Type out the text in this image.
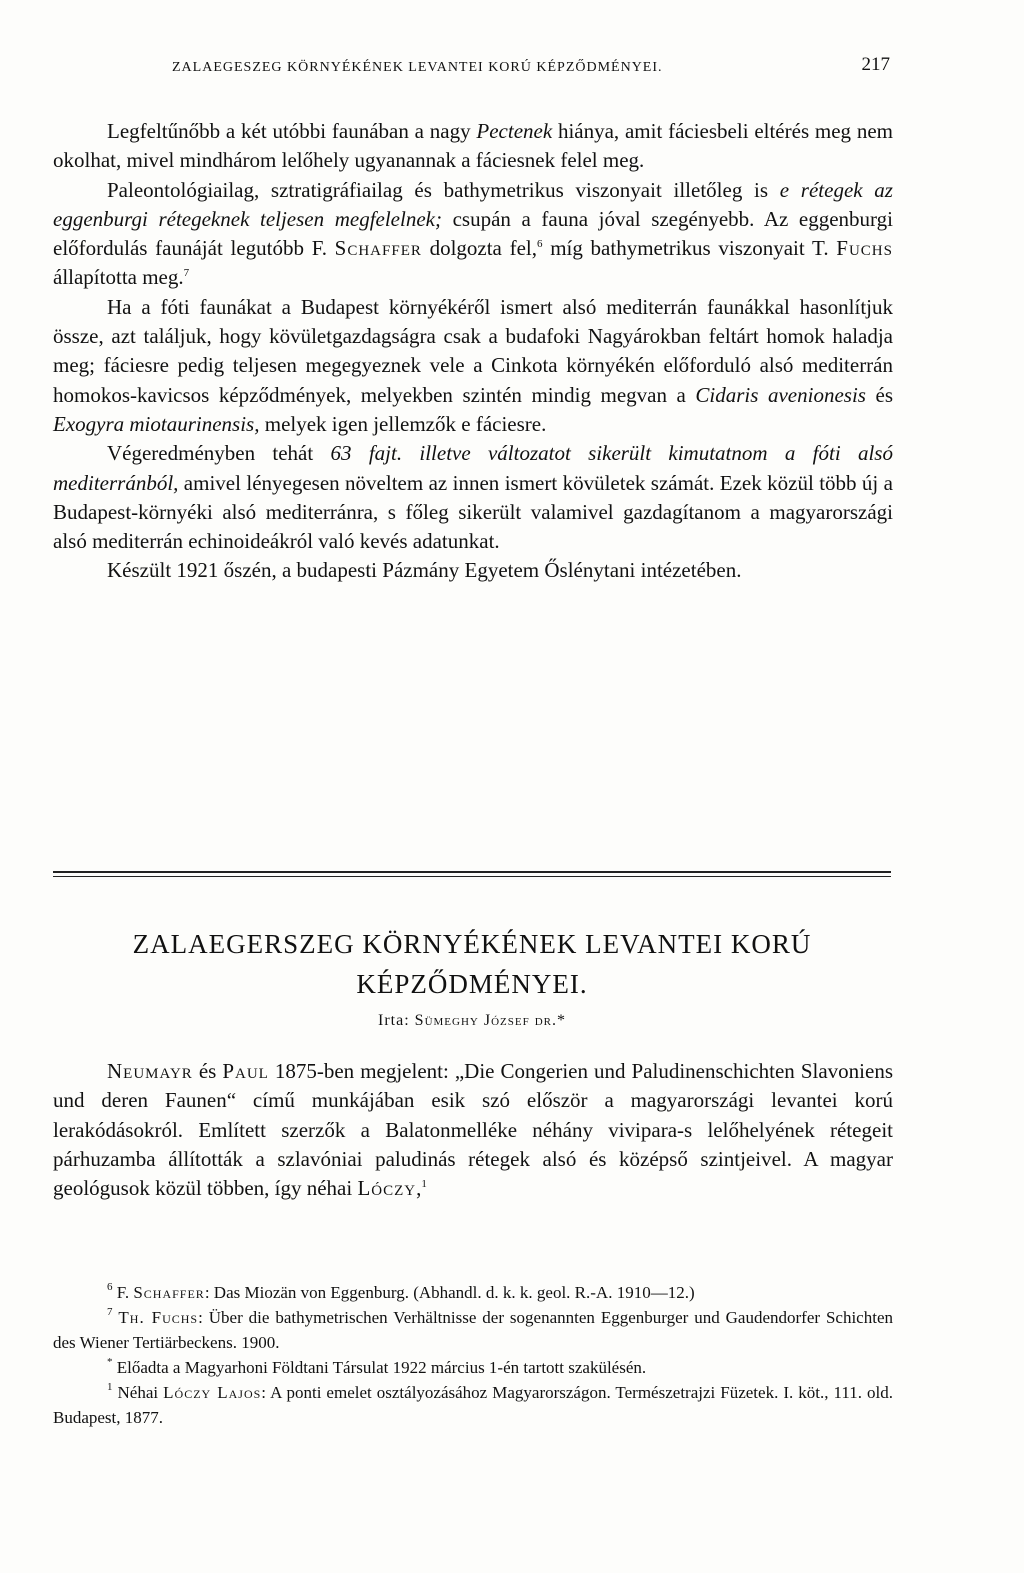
ZALAEGESZEG KÖRNYÉKÉNEK LEVANTEI KORÚ KÉPZŐDMÉNYEI.	217

Legfeltűnőbb a két utóbbi faunában a nagy Pectenek hiánya, amit fáciesbeli eltérés meg nem okolhat, mivel mindhárom lelőhely ugyanannak a fáciesnek felel meg.

Paleontológiailag, sztratigráfiailag és bathymetrikus viszonyait illetőleg is e rétegek az eggenburgi rétegeknek teljesen megfelelnek; csupán a fauna jóval szegényebb. Az eggenburgi előfordulás faunáját legutóbb F. Schaffer dolgozta fel,$^6$ míg bathymetrikus viszonyait T. Fuchs állapította meg.$^7$

Ha a fóti faunákat a Budapest környékéről ismert alsó mediterrán faunákkal hasonlítjuk össze, azt találjuk, hogy kövületgazdagságra csak a budafoki Nagyárokban feltárt homok haladja meg; fáciesre pedig teljesen megegyeznek vele a Cinkota környékén előforduló alsó mediterrán homokos-kavicsos képződmények, melyekben szintén mindig megvan a Cidaris avenionesis és Exogyra miotaurinensis, melyek igen jellemzők e fáciesre.

Végeredményben tehát 63 fajt. illetve változatot sikerült kimutatnom a fóti alsó mediterránból, amivel lényegesen növeltem az innen ismert kövületek számát. Ezek közül több új a Budapest-környéki alsó mediterránra, s főleg sikerült valamivel gazdagítanom a magyarországi alsó mediterrán echinoideákról való kevés adatunkat.

Készült 1921 őszén, a budapesti Pázmány Egyetem Őslénytani intézetében.

ZALAEGERSZEG KÖRNYÉKÉNEK LEVANTEI KORÚ
KÉPZŐDMÉNYEI.
Irta: Sümeghy József dr.*

Neumayr és Paul 1875-ben megjelent: „Die Congerien und Paludinenschichten Slavoniens und deren Faunen“ című munkájában esik szó először a magyarországi levantei korú lerakódásokról. Említett szerzők a Balatonmelléke néhány vivipara-s lelőhelyének rétegeit párhuzamba állították a szlavóniai paludinás rétegek alsó és középső szintjeivel. A magyar geológusok közül többen, így néhai Lóczy,$^1$

$^6$ F. Schaffer: Das Miozän von Eggenburg. (Abhandl. d. k. k. geol. R.-A. 1910—12.)

$^7$ Th. Fuchs: Über die bathymetrischen Verhältnisse der sogenannten Eggenburger und Gaudendorfer Schichten des Wiener Tertiärbeckens. 1900.

* Előadta a Magyarhoni Földtani Társulat 1922 március 1-én tartott szakülésén.

$^1$ Néhai Lóczy Lajos: A ponti emelet osztályozásához Magyarországon. Természetrajzi Füzetek. I. köt., 111. old. Budapest, 1877.
